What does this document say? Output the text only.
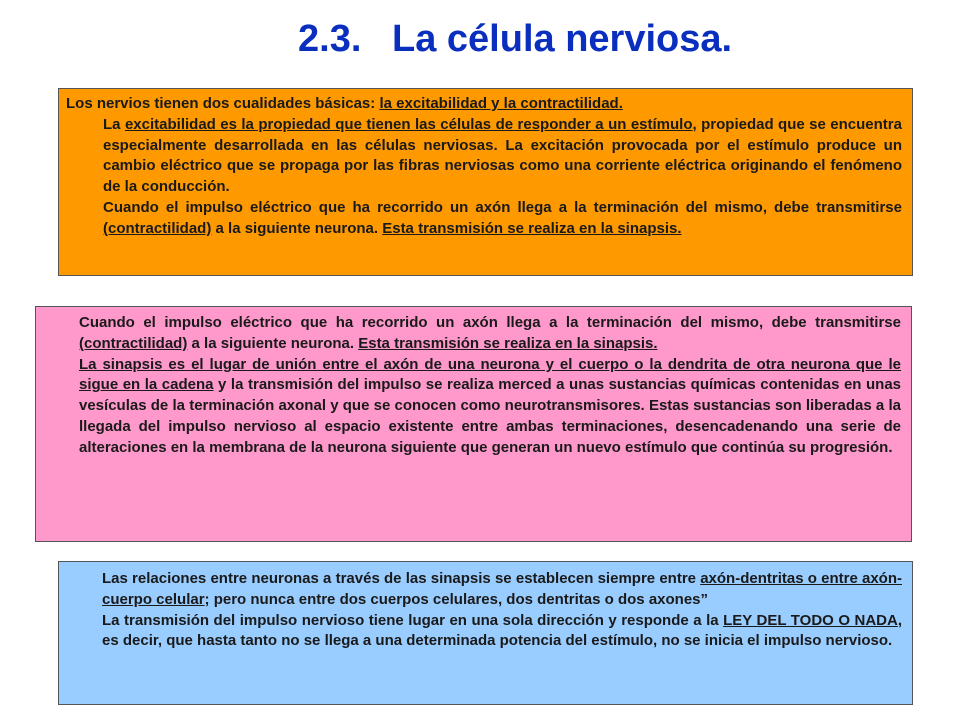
2.3. La célula nerviosa.

Los nervios tienen dos cualidades básicas: la excitabilidad y la contractilidad.

La excitabilidad es la propiedad que tienen las células de responder a un estímulo, propiedad que se encuentra especialmente desarrollada en las células nerviosas. La excitación provocada por el estímulo produce un cambio eléctrico que se propaga por las fibras nerviosas como una corriente eléctrica originando el fenómeno de la conducción.

Cuando el impulso eléctrico que ha recorrido un axón llega a la terminación del mismo, debe transmitirse (contractilidad) a la siguiente neurona. Esta transmisión se realiza en la sinapsis.

Cuando el impulso eléctrico que ha recorrido un axón llega a la terminación del mismo, debe transmitirse (contractilidad) a la siguiente neurona. Esta transmisión se realiza en la sinapsis.

La sinapsis es el lugar de unión entre el axón de una neurona y el cuerpo o la dendrita de otra neurona que le sigue en la cadena y la transmisión del impulso se realiza merced a unas sustancias químicas contenidas en unas vesículas de la terminación axonal y que se conocen como neurotransmisores. Estas sustancias son liberadas a la llegada del impulso nervioso al espacio existente entre ambas terminaciones, desencadenando una serie de alteraciones en la membrana de la neurona siguiente que generan un nuevo estímulo que continúa su progresión.

Las relaciones entre neuronas a través de las sinapsis se establecen siempre entre axón-dentritas o entre axón-cuerpo celular; pero nunca entre dos cuerpos celulares, dos dentritas o dos axones”

La transmisión del impulso nervioso tiene lugar en una sola dirección y responde a la LEY DEL TODO O NADA, es decir, que hasta tanto no se llega a una determinada potencia del estímulo, no se inicia el impulso nervioso.
